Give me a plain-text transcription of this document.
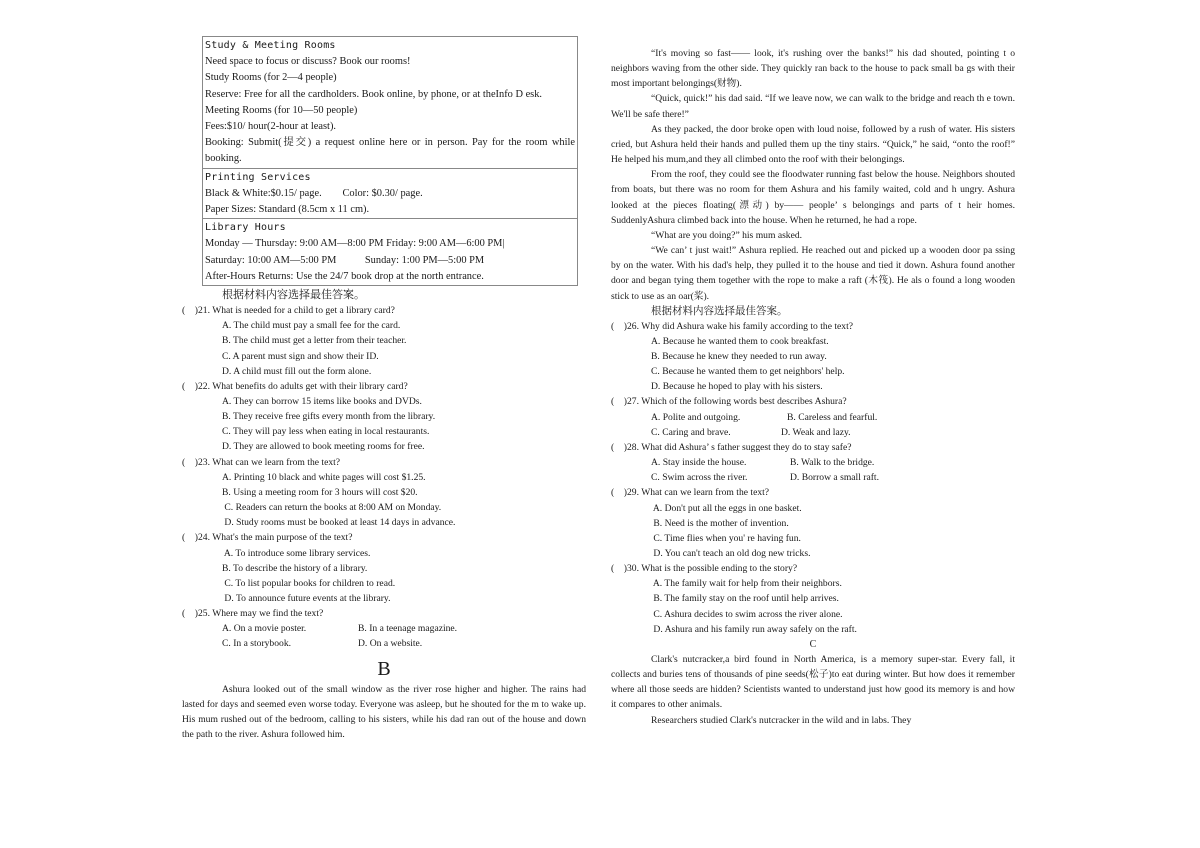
Study & Meeting Rooms
Need space to focus or discuss? Book our rooms!
Study Rooms (for 2—4 people)
Reserve: Free for all the cardholders. Book online, by phone, or at theInfo D esk.
Meeting Rooms (for 10—50 people)
Fees:$10/ hour(2-hour at least).
Booking: Submit(提交) a request online here or in person. Pay for the room while booking.
Printing Services
Black & White:$0.15/ page.        Color: $0.30/ page.
Paper Sizes: Standard (8.5cm x 11 cm).
Library Hours
Monday — Thursday: 9:00 AM—8:00 PM Friday: 9:00 AM—6:00 PM|
Saturday: 10:00 AM—5:00 PM           Sunday: 1:00 PM—5:00 PM
After-Hours Returns: Use the 24/7 book drop at the north entrance.
根据材料内容选择最佳答案。
(    )21. What is needed for a child to get a library card?
A. The child must pay a small fee for the card.
B. The child must get a letter from their teacher.
C. A parent must sign and show their ID.
D. A child must fill out the form alone.
(    )22. What benefits do adults get with their library card?
A. They can borrow 15 items like books and DVDs.
B. They receive free gifts every month from the library.
C. They will pay less when eating in local restaurants.
D. They are allowed to book meeting rooms for free.
(    )23. What can we learn from the text?
A. Printing 10 black and white pages will cost $1.25.
B. Using a meeting room for 3 hours will cost $20.
C. Readers can return the books at 8:00 AM on Monday.
D. Study rooms must be booked at least 14 days in advance.
(    )24. What's the main purpose of the text?
A. To introduce some library services.
B. To describe the history of a library.
C. To list popular books for children to read.
D. To announce future events at the library.
(    )25. Where may we find the text?
A. On a movie poster.	B. In a teenage magazine.
C. In a storybook.	D. On a website.
B
Ashura looked out of the small window as the river rose higher and higher. The rains had lasted for days and seemed even worse today. Everyone was asleep, but he shouted for the m to wake up. His mum rushed out of the bedroom, calling to his sisters, while his dad ran out of the house and down the path to the river. Ashura followed him.
“It's moving so fast—— look, it's rushing over the banks!” his dad shouted, pointing t o neighbors waving from the other side. They quickly ran back to the house to pack small ba gs with their most important belongings(财物).
“Quick, quick!” his dad said. “If we leave now, we can walk to the bridge and reach th e town. We'll be safe there!”
As they packed, the door broke open with loud noise, followed by a rush of water. His sisters cried, but Ashura held their hands and pulled them up the tiny stairs. “Quick,” he said, “onto the roof!” He helped his mum,and they all climbed onto the roof with their belongings.
From the roof, they could see the floodwater running fast below the house. Neighbors shouted from boats, but there was no room for them Ashura and his family waited, cold and h ungry. Ashura looked at the pieces floating(漂动) by—— people’ s belongings and parts of t heir homes. SuddenlyAshura climbed back into the house. When he returned, he had a rope.
“What are you doing?” his mum asked.
“We can’ t just wait!” Ashura replied. He reached out and picked up a wooden door pa ssing by on the water. With his dad's help, they pulled it to the house and tied it down. Ashura found another door and began tying them together with the rope to make a raft (木筏). He als o found a long wooden stick to use as an oar(桨).
根据材料内容选择最佳答案。
(    )26. Why did Ashura wake his family according to the text?
A. Because he wanted them to cook breakfast.
B. Because he knew they needed to run away.
C. Because he wanted them to get neighbors' help.
D. Because he hoped to play with his sisters.
(    )27. Which of the following words best describes Ashura?
A. Polite and outgoing.	B. Careless and fearful.
C. Caring and brave.	D. Weak and lazy.
(    )28. What did Ashura’ s father suggest they do to stay safe?
A. Stay inside the house.	B. Walk to the bridge.
C. Swim across the river.	D. Borrow a small raft.
(    )29. What can we learn from the text?
A. Don't put all the eggs in one basket.
B. Need is the mother of invention.
C. Time flies when you' re having fun.
D. You can't teach an old dog new tricks.
(    )30. What is the possible ending to the story?
A. The family wait for help from their neighbors.
B. The family stay on the roof until help arrives.
C. Ashura decides to swim across the river alone.
D. Ashura and his family run away safely on the raft.
C
Clark's nutcracker,a bird found in North America, is a memory super-star. Every fall, it collects and buries tens of thousands of pine seeds(松子)to eat during winter. But how does it remember where all those seeds are hidden? Scientists wanted to understand just how good its memory is and how it compares to other animals.
Researchers studied Clark's nutcracker in the wild and in labs. They
